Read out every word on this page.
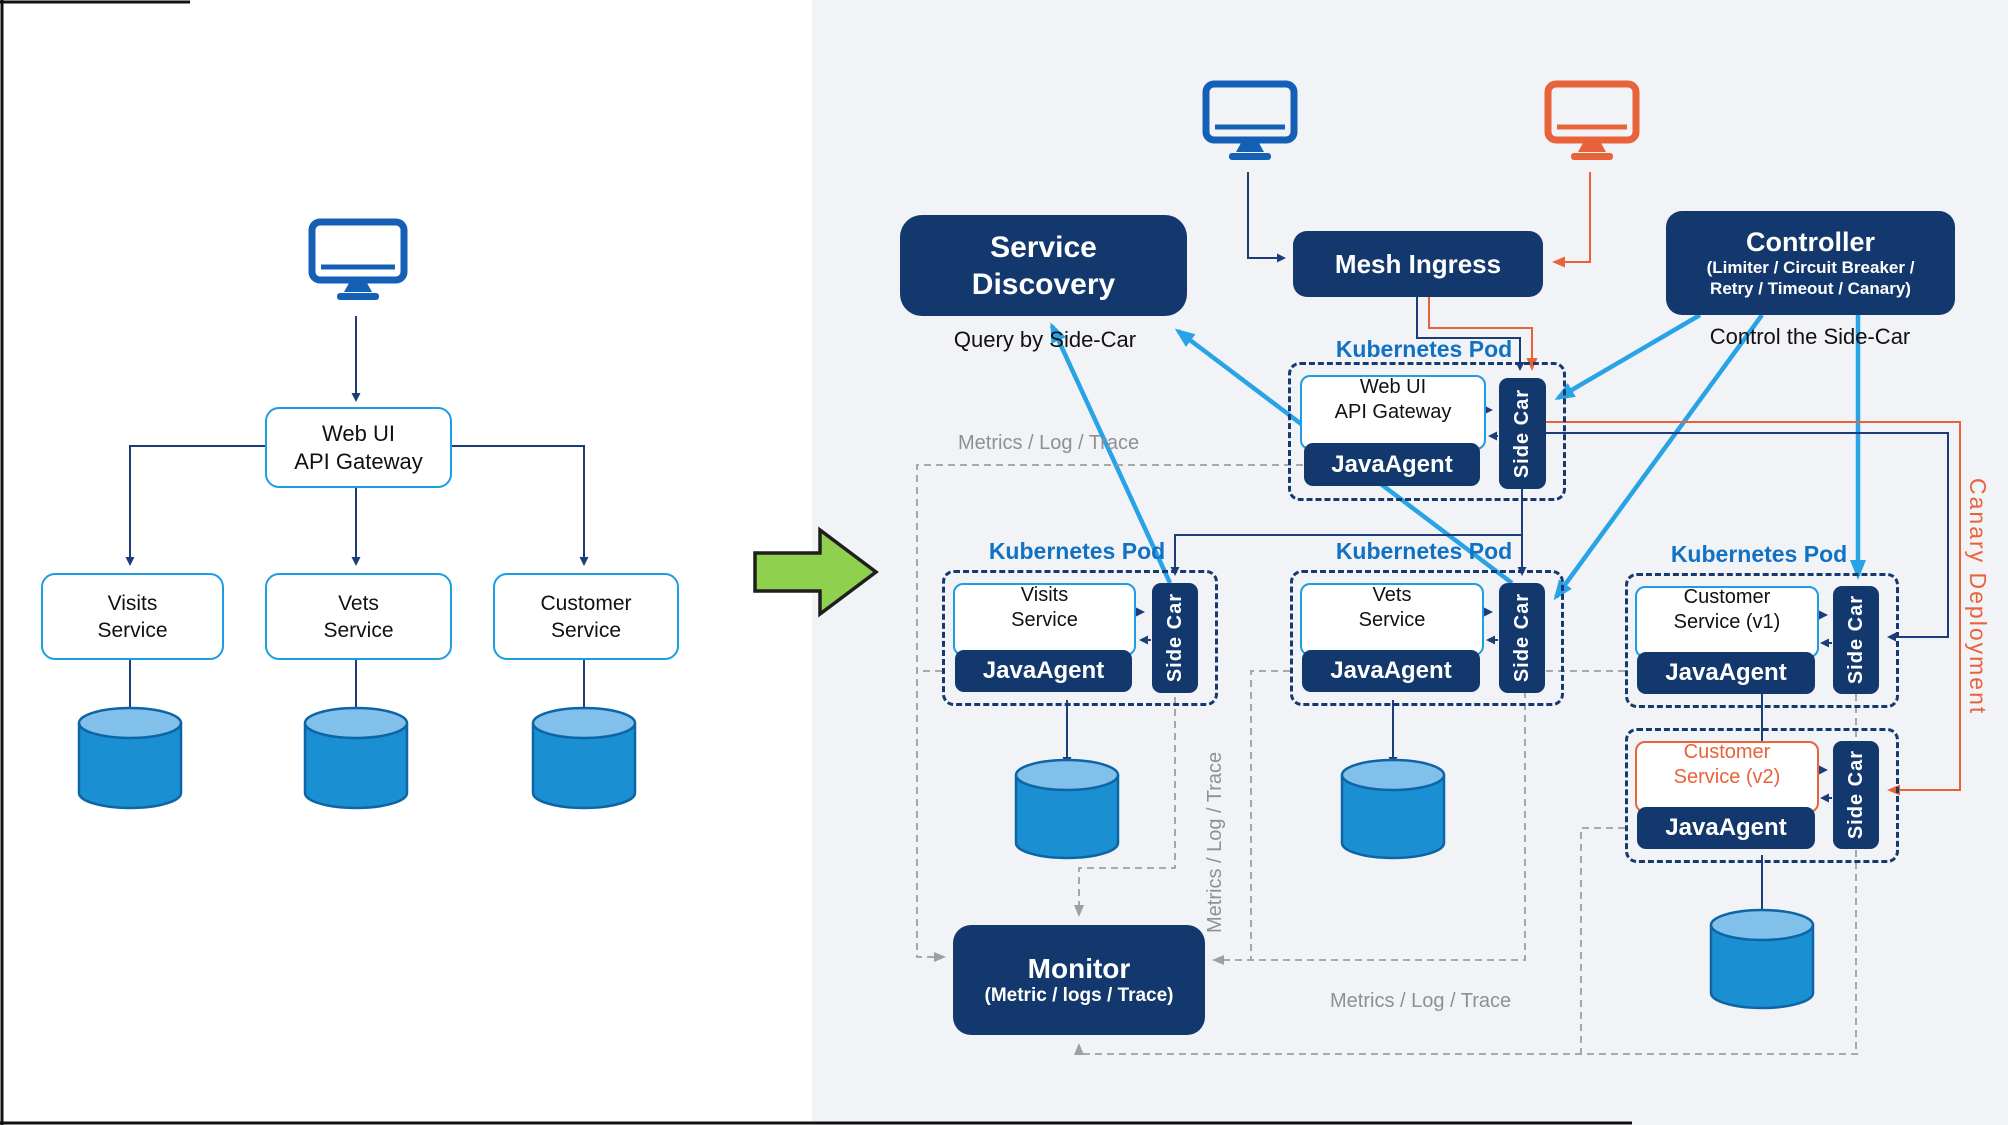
Web UI
API Gateway
Visits
Service
Vets
Service
Customer
Service
Service
Discovery
Query by Side-Car
Mesh Ingress
Controller
(Limiter / Circuit Breaker /
Retry / Timeout / Canary)
Control the Side-Car
Kubernetes Pod
Web UI
API Gateway
JavaAgent	Side Car
Kubernetes Pod
Visits
Service
JavaAgent	Side Car
Kubernetes Pod
Vets
Service
JavaAgent	Side Car
Kubernetes Pod
Customer
Service (v1)
JavaAgent	Side Car
Customer
Service (v2)
JavaAgent	Side Car
Monitor
(Metric / logs / Trace)
Metrics / Log / Trace
Metrics / Log / Trace
Metrics / Log / Trace
Canary Deployment
